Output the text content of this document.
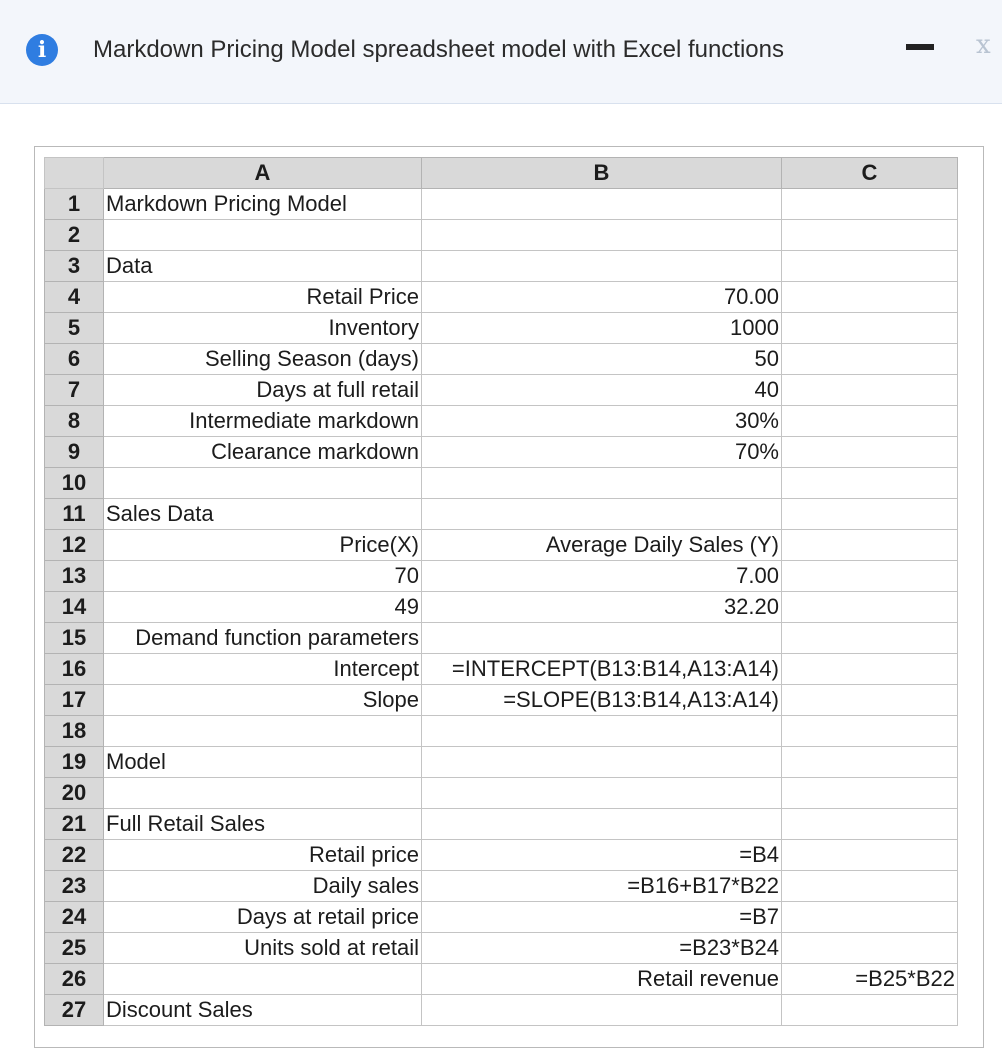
i	Markdown Pricing Model spreadsheet model with Excel functions	x
	A	B	C
1	Markdown Pricing Model		
2			
3	Data		
4	Retail Price	70.00	
5	Inventory	1000	
6	Selling Season (days)	50	
7	Days at full retail	40	
8	Intermediate markdown	30%	
9	Clearance markdown	70%	
10			
11	Sales Data		
12	Price(X)	Average Daily Sales (Y)	
13	70	7.00	
14	49	32.20	
15	Demand function parameters		
16	Intercept	=INTERCEPT(B13:B14,A13:A14)	
17	Slope	=SLOPE(B13:B14,A13:A14)	
18			
19	Model		
20			
21	Full Retail Sales		
22	Retail price	=B4	
23	Daily sales	=B16+B17*B22	
24	Days at retail price	=B7	
25	Units sold at retail	=B23*B24	
26		Retail revenue	=B25*B22
27	Discount Sales		
